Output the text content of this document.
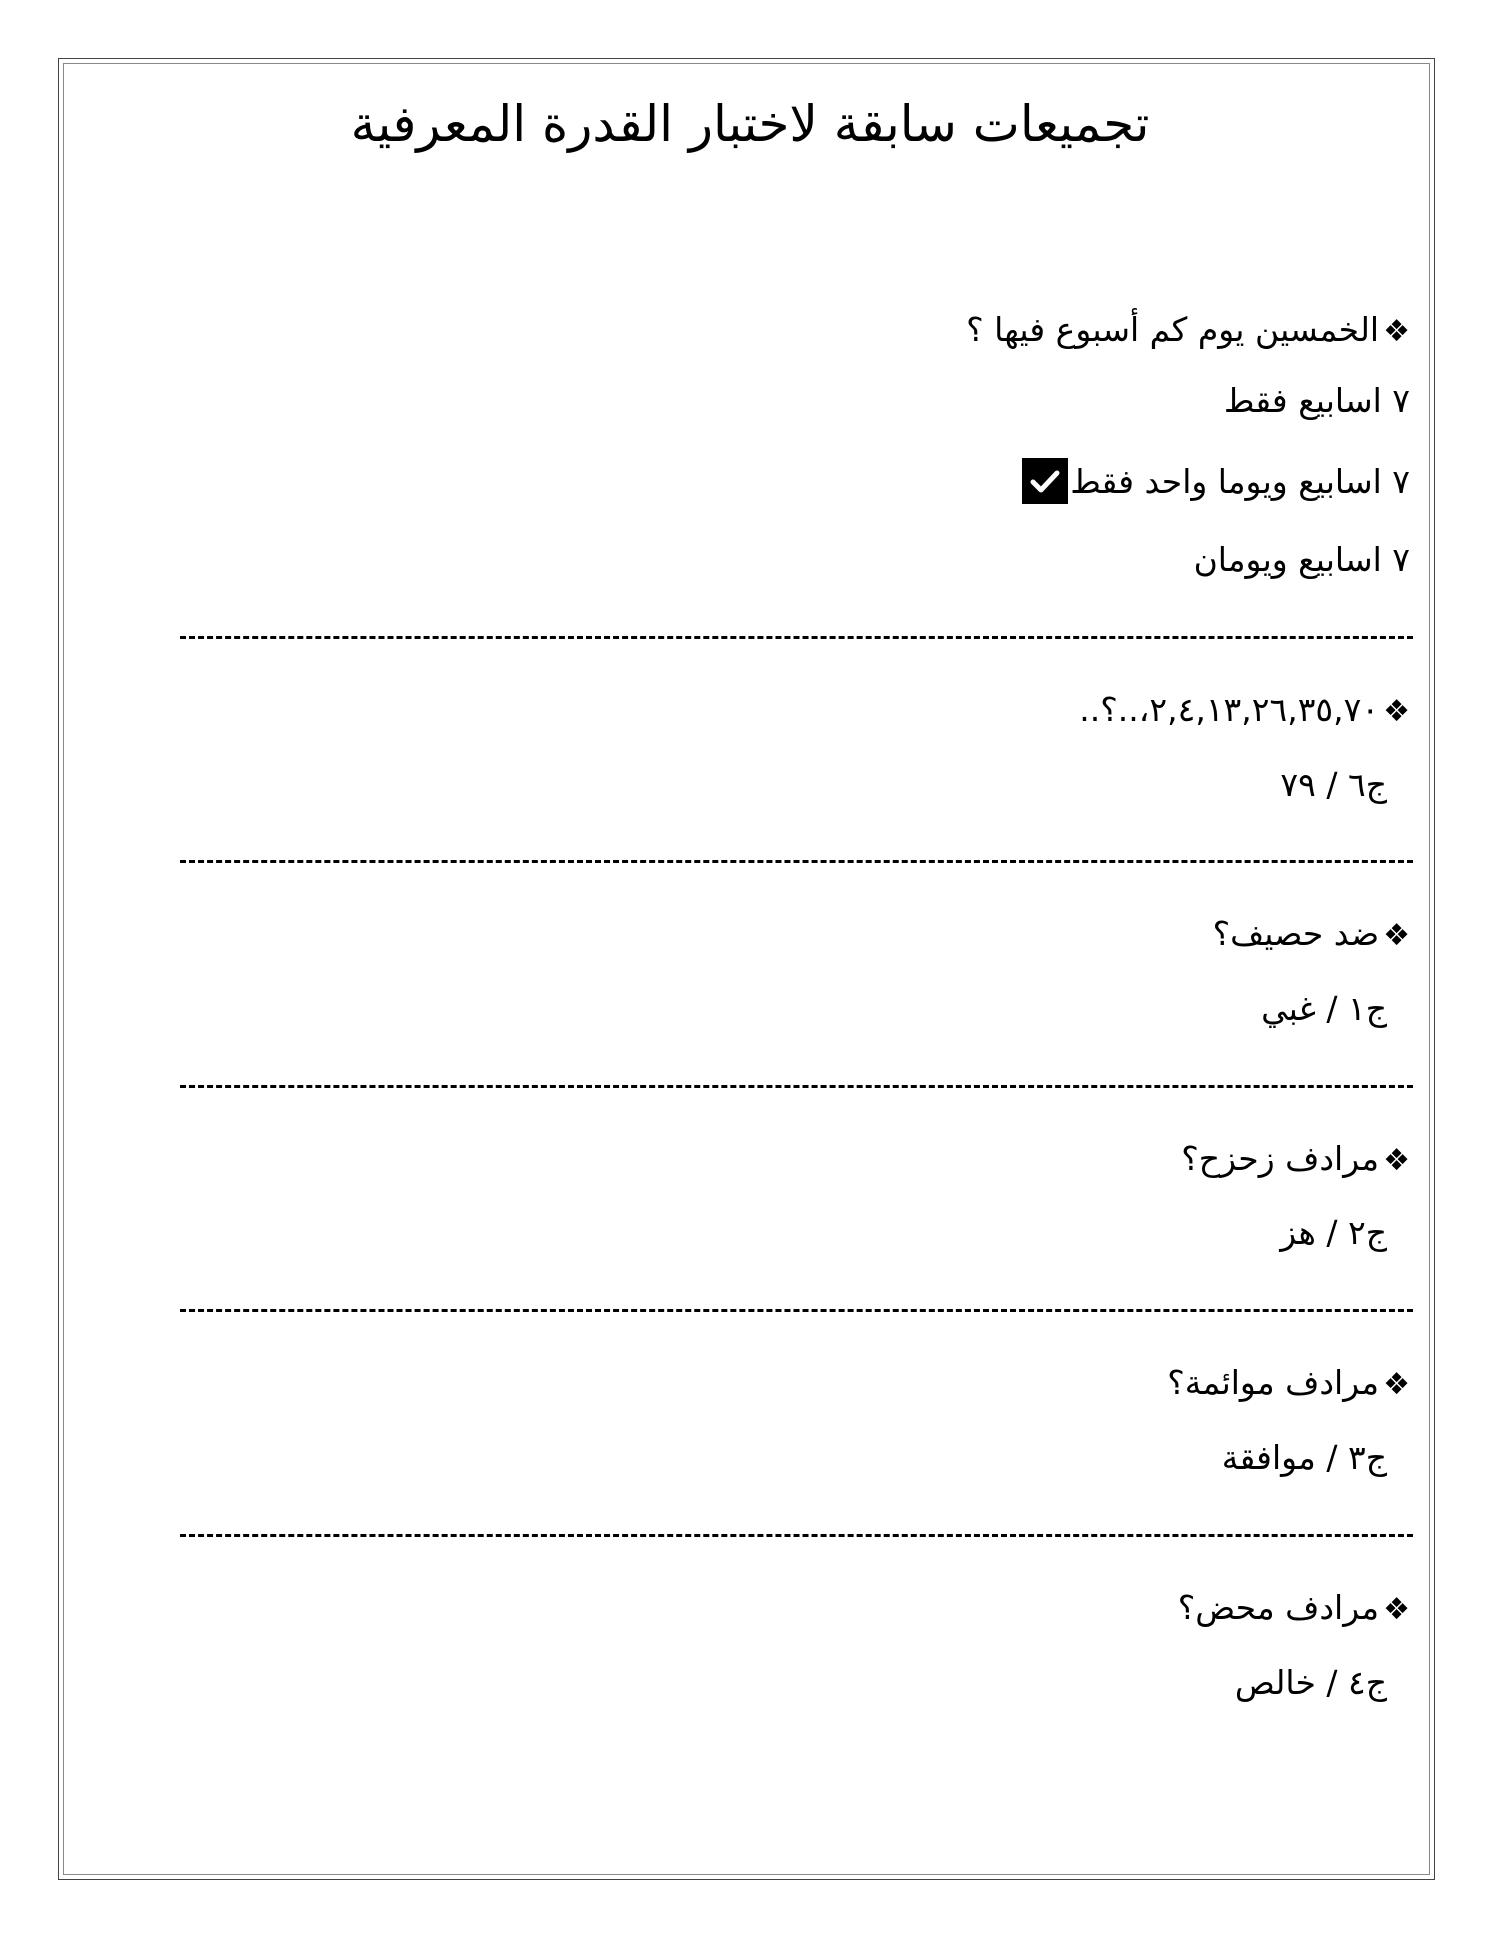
تجميعات سابقة لاختبار القدرة المعرفية
❖الخمسين يوم كم أسبوع فيها ؟
٧ اسابيع فقط
٧ اسابيع ويوما واحد فقط
٧ اسابيع ويومان
❖٢,٤,١٣,٢٦,٣٥,٧٠،..؟..
ج٦ / ٧٩
❖ضد حصيف؟
ج١ / غبي
❖مرادف زحزح؟
ج٢ / هز
❖مرادف موائمة؟
ج٣ / موافقة
❖مرادف محض؟
ج٤ / خالص
